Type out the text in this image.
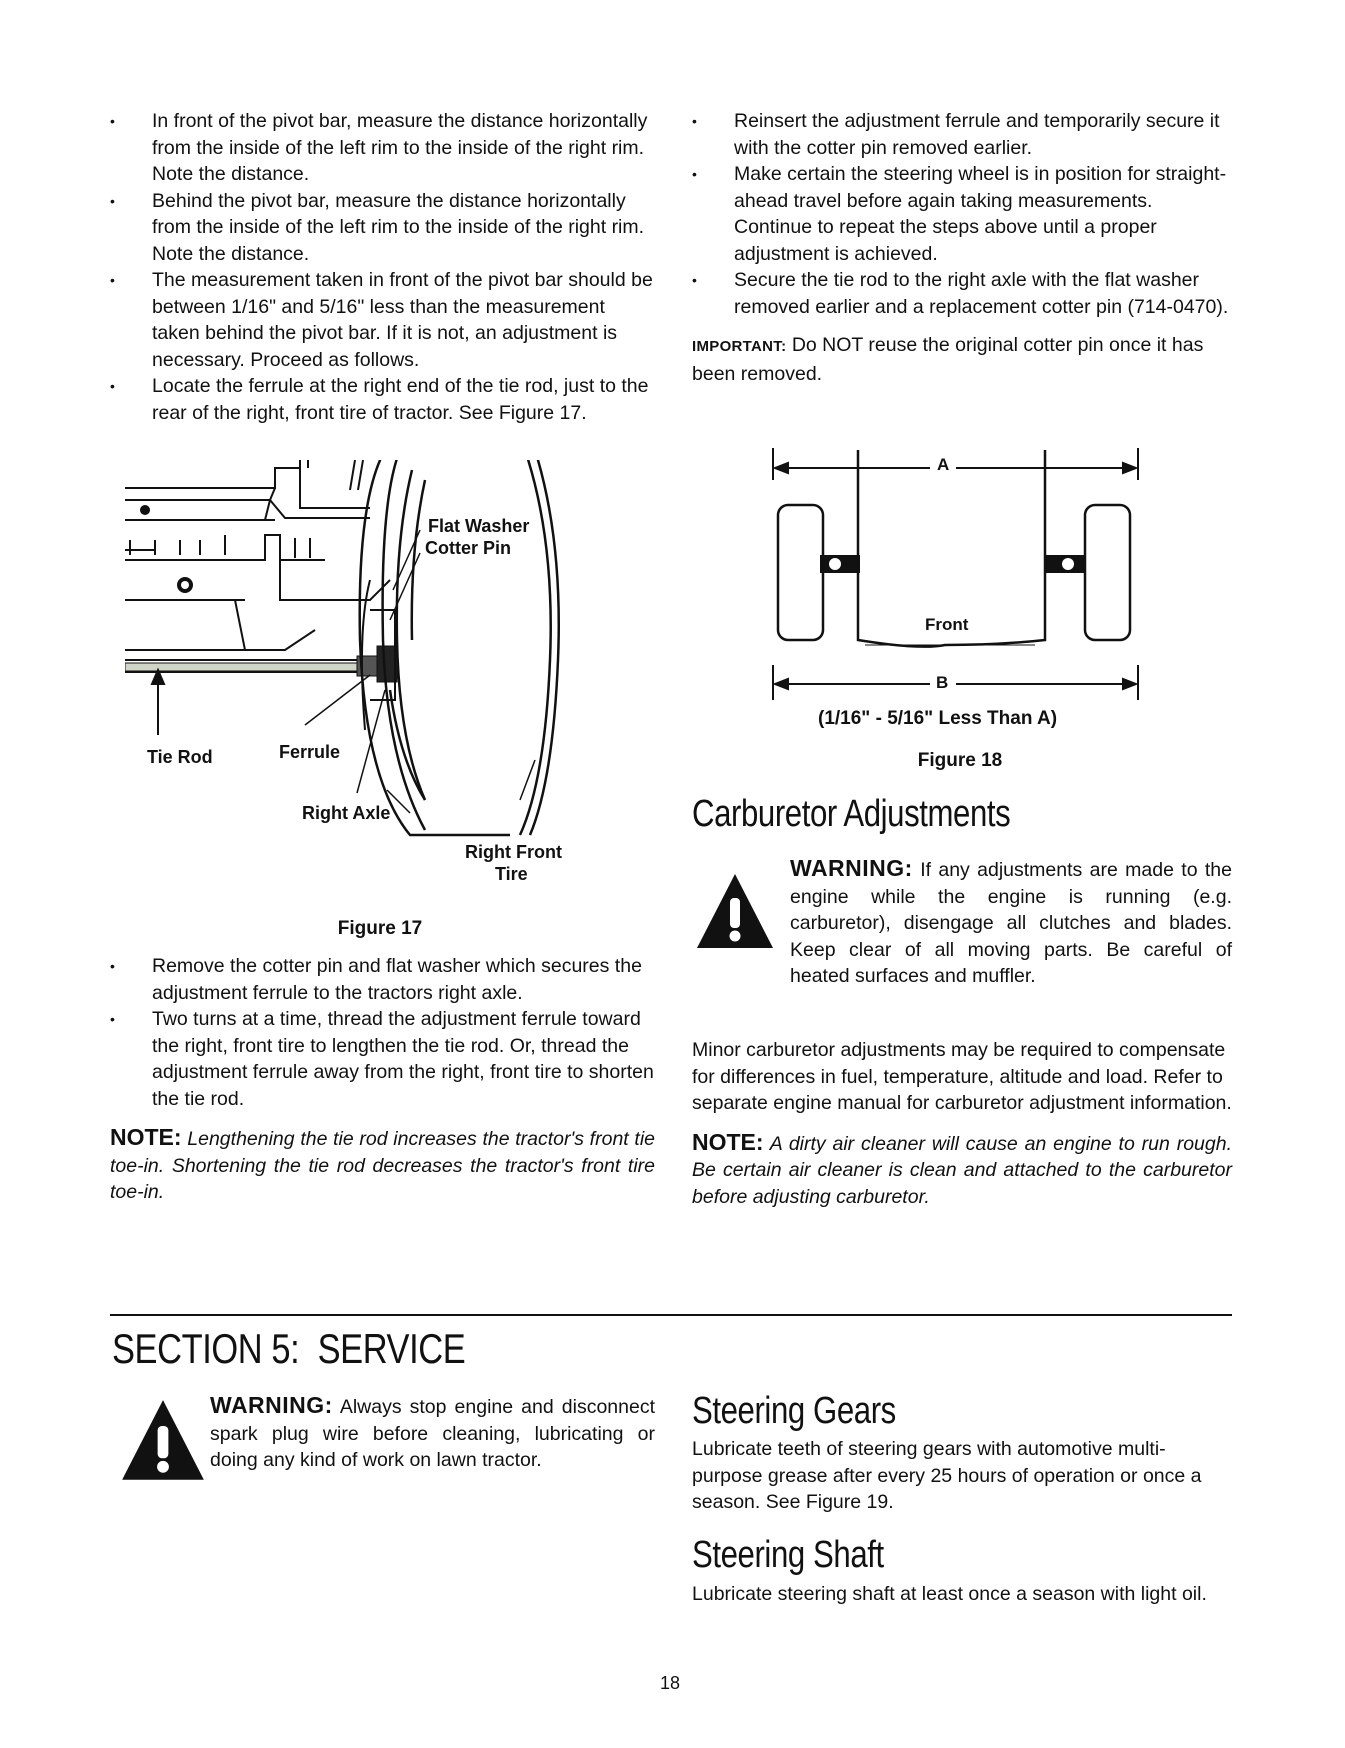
• In front of the pivot bar, measure the distance horizontally from the inside of the left rim to the inside of the right rim. Note the distance.
• Behind the pivot bar, measure the distance horizontally from the inside of the left rim to the inside of the right rim. Note the distance.
• The measurement taken in front of the pivot bar should be between 1/16" and 5/16" less than the measurement taken behind the pivot bar. If it is not, an adjustment is necessary. Proceed as follows.
• Locate the ferrule at the right end of the tie rod, just to the rear of the right, front tire of tractor. See Figure 17.
Flat Washer
Cotter Pin
Tie Rod	Ferrule
Right Axle
Right Front
Tire
Figure 17
• Remove the cotter pin and flat washer which secures the adjustment ferrule to the tractors right axle.
• Two turns at a time, thread the adjustment ferrule toward the right, front tire to lengthen the tie rod. Or, thread the adjustment ferrule away from the right, front tire to shorten the tie rod.

NOTE: Lengthening the tie rod increases the tractor's front tie toe-in. Shortening the tie rod decreases the tractor's front tire toe-in.

• Reinsert the adjustment ferrule and temporarily secure it with the cotter pin removed earlier.
• Make certain the steering wheel is in position for straight-ahead travel before again taking measurements. Continue to repeat the steps above until a proper adjustment is achieved.
• Secure the tie rod to the right axle with the flat washer removed earlier and a replacement cotter pin (714-0470).

IMPORTANT: Do NOT reuse the original cotter pin once it has been removed.

A
Front
B
(1/16" - 5/16" Less Than A)
Figure 18
Carburetor Adjustments

WARNING: If any adjustments are made to the engine while the engine is running (e.g. carburetor), disengage all clutches and blades. Keep clear of all moving parts. Be careful of heated surfaces and muffler.

Minor carburetor adjustments may be required to compensate for differences in fuel, temperature, altitude and load. Refer to separate engine manual for carburetor adjustment information.

NOTE: A dirty air cleaner will cause an engine to run rough. Be certain air cleaner is clean and attached to the carburetor before adjusting carburetor.

SECTION 5:  SERVICE

WARNING: Always stop engine and disconnect spark plug wire before cleaning, lubricating or doing any kind of work on lawn tractor.

Steering Gears

Lubricate teeth of steering gears with automotive multi-purpose grease after every 25 hours of operation or once a season. See Figure 19.

Steering Shaft

Lubricate steering shaft at least once a season with light oil.

18
